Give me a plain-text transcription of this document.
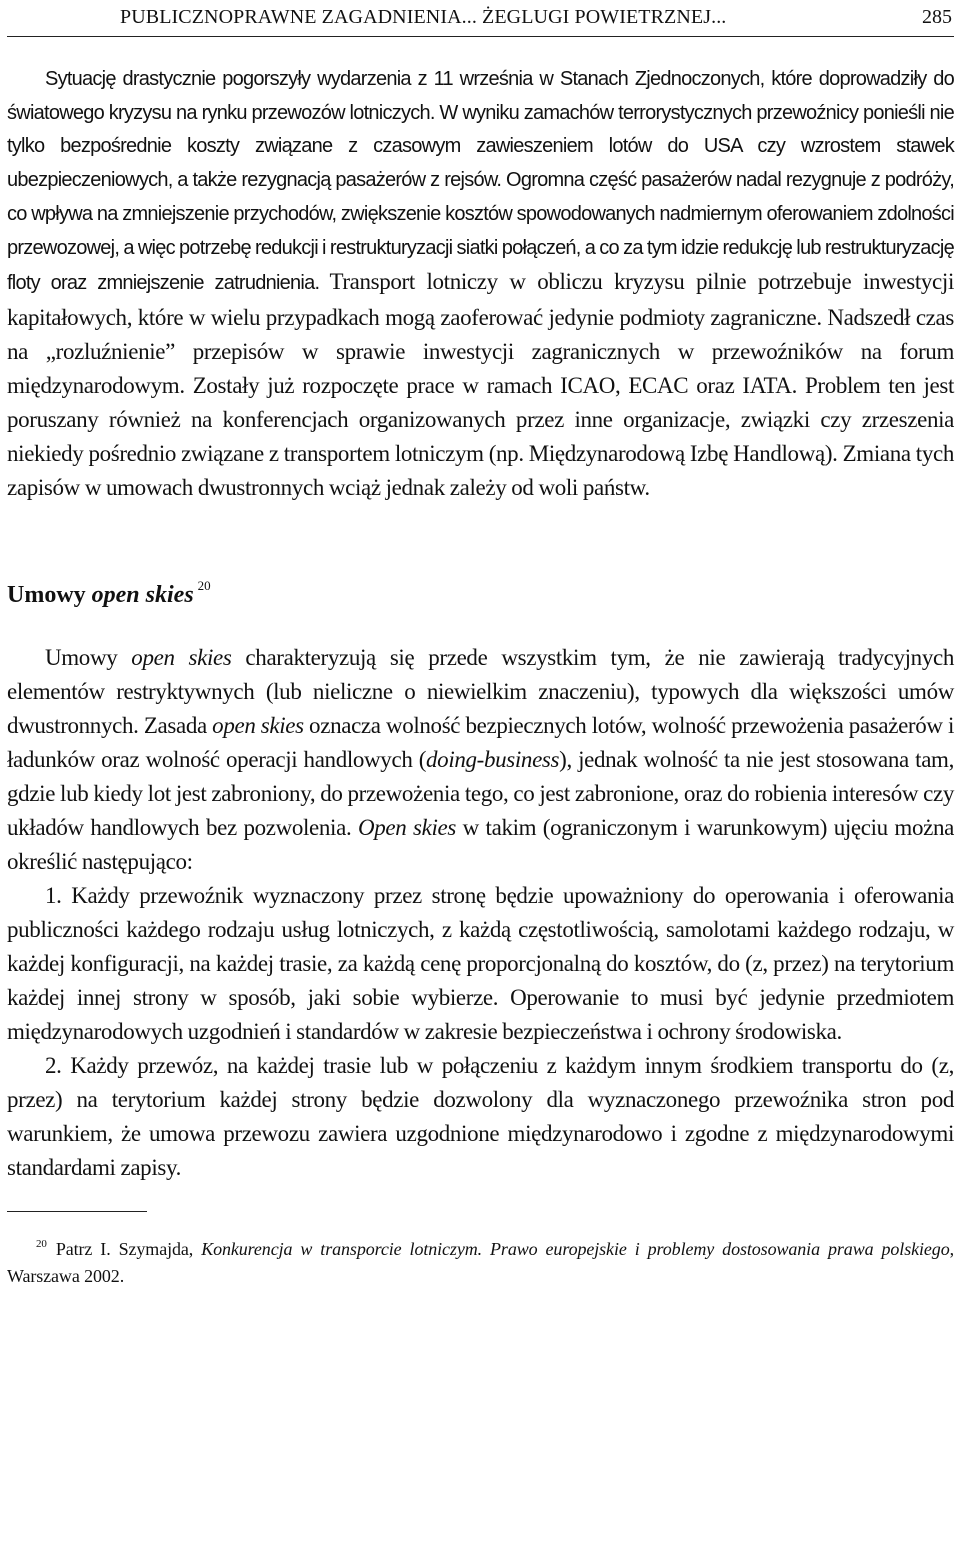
PUBLICZNOPRAWNE ZAGADNIENIA... ŻEGLUGI POWIETRZNEJ...	285

Sytuację drastycznie pogorszyły wydarzenia z 11 września w Stanach Zjednoczonych, które doprowadziły do światowego kryzysu na rynku przewozów lotniczych. W wyniku zamachów terrorystycznych przewoźnicy ponieśli nie tylko bezpośrednie koszty związane z czasowym zawieszeniem lotów do USA czy wzrostem stawek ubezpieczeniowych, a także rezygnacją pasażerów z rejsów. Ogromna część pasażerów nadal rezygnuje z podróży, co wpływa na zmniejszenie przychodów, zwiększenie kosztów spowodowanych nadmiernym oferowaniem zdolności przewozowej, a więc potrzebę redukcji i restrukturyzacji siatki połączeń, a co za tym idzie redukcję lub restrukturyzację floty oraz zmniejszenie zatrudnienia. Transport lotniczy w obliczu kryzysu pilnie potrzebuje inwestycji kapitałowych, które w wielu przypadkach mogą zaoferować jedynie podmioty zagraniczne. Nadszedł czas na „rozluźnienie” przepisów w sprawie inwestycji zagranicznych w przewoźników na forum międzynarodowym. Zostały już rozpoczęte prace w ramach ICAO, ECAC oraz IATA. Problem ten jest poruszany również na konferencjach organizowanych przez inne organizacje, związki czy zrzeszenia niekiedy pośrednio związane z transportem lotniczym (np. Międzynarodową Izbę Handlową). Zmiana tych zapisów w umowach dwustronnych wciąż jednak zależy od woli państw.

Umowy open skies $^{20}$

Umowy open skies charakteryzują się przede wszystkim tym, że nie zawierają tradycyjnych elementów restryktywnych (lub nieliczne o niewielkim znaczeniu), typowych dla większości umów dwustronnych. Zasada open skies oznacza wolność bezpiecznych lotów, wolność przewożenia pasażerów i ładunków oraz wolność operacji handlowych (doing-business), jednak wolność ta nie jest stosowana tam, gdzie lub kiedy lot jest zabroniony, do przewożenia tego, co jest zabronione, oraz do robienia interesów czy układów handlowych bez pozwolenia. Open skies w takim (ograniczonym i warunkowym) ujęciu można określić następująco:

1. Każdy przewoźnik wyznaczony przez stronę będzie upoważniony do operowania i oferowania publiczności każdego rodzaju usług lotniczych, z każdą częstotliwością, samolotami każdego rodzaju, w każdej konfiguracji, na każdej trasie, za każdą cenę proporcjonalną do kosztów, do (z, przez) na terytorium każdej innej strony w sposób, jaki sobie wybierze. Operowanie to musi być jedynie przedmiotem międzynarodowych uzgodnień i standardów w zakresie bezpieczeństwa i ochrony środowiska.

2. Każdy przewóz, na każdej trasie lub w połączeniu z każdym innym środkiem transportu do (z, przez) na terytorium każdej strony będzie dozwolony dla wyznaczonego przewoźnika stron pod warunkiem, że umowa przewozu zawiera uzgodnione międzynarodowo i zgodne z międzynarodowymi standardami zapisy.

$^{20}$ Patrz I. Szymajda, Konkurencja w transporcie lotniczym. Prawo europejskie i problemy dostosowania prawa polskiego, Warszawa 2002.
